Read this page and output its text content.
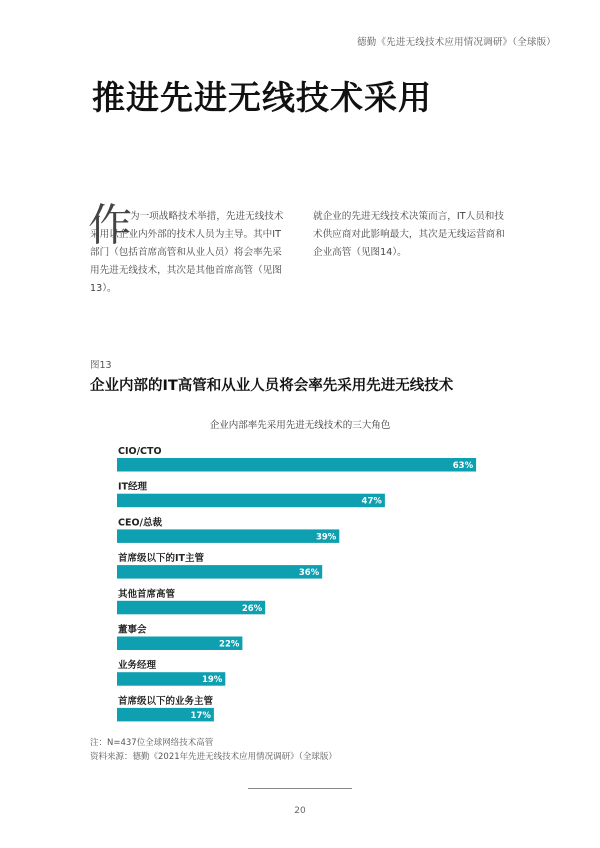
德勤《先进无线技术应用情况调研》（全球版）
推进先进无线技术采用
作

为一项战略技术举措，先进无线技术采用以企业内外部的技术人员为主导。其中IT部门（包括首席高管和从业人员）将会率先采用先进无线技术，其次是其他首席高管（见图13）。

就企业的先进无线技术决策而言，IT人员和技术供应商对此影响最大，其次是无线运营商和企业高管（见图14）。

图13
企业内部的IT高管和从业人员将会率先采用先进无线技术
企业内部率先采用先进无线技术的三大角色
CIO/CTO
63%
IT经理
47%
CEO/总裁
39%
首席级以下的IT主管
36%
其他首席高管
26%
董事会
22%
业务经理
19%
首席级以下的业务主管
17%
注：N=437位全球网络技术高管
资料来源：德勤《2021年先进无线技术应用情况调研》（全球版）
20
